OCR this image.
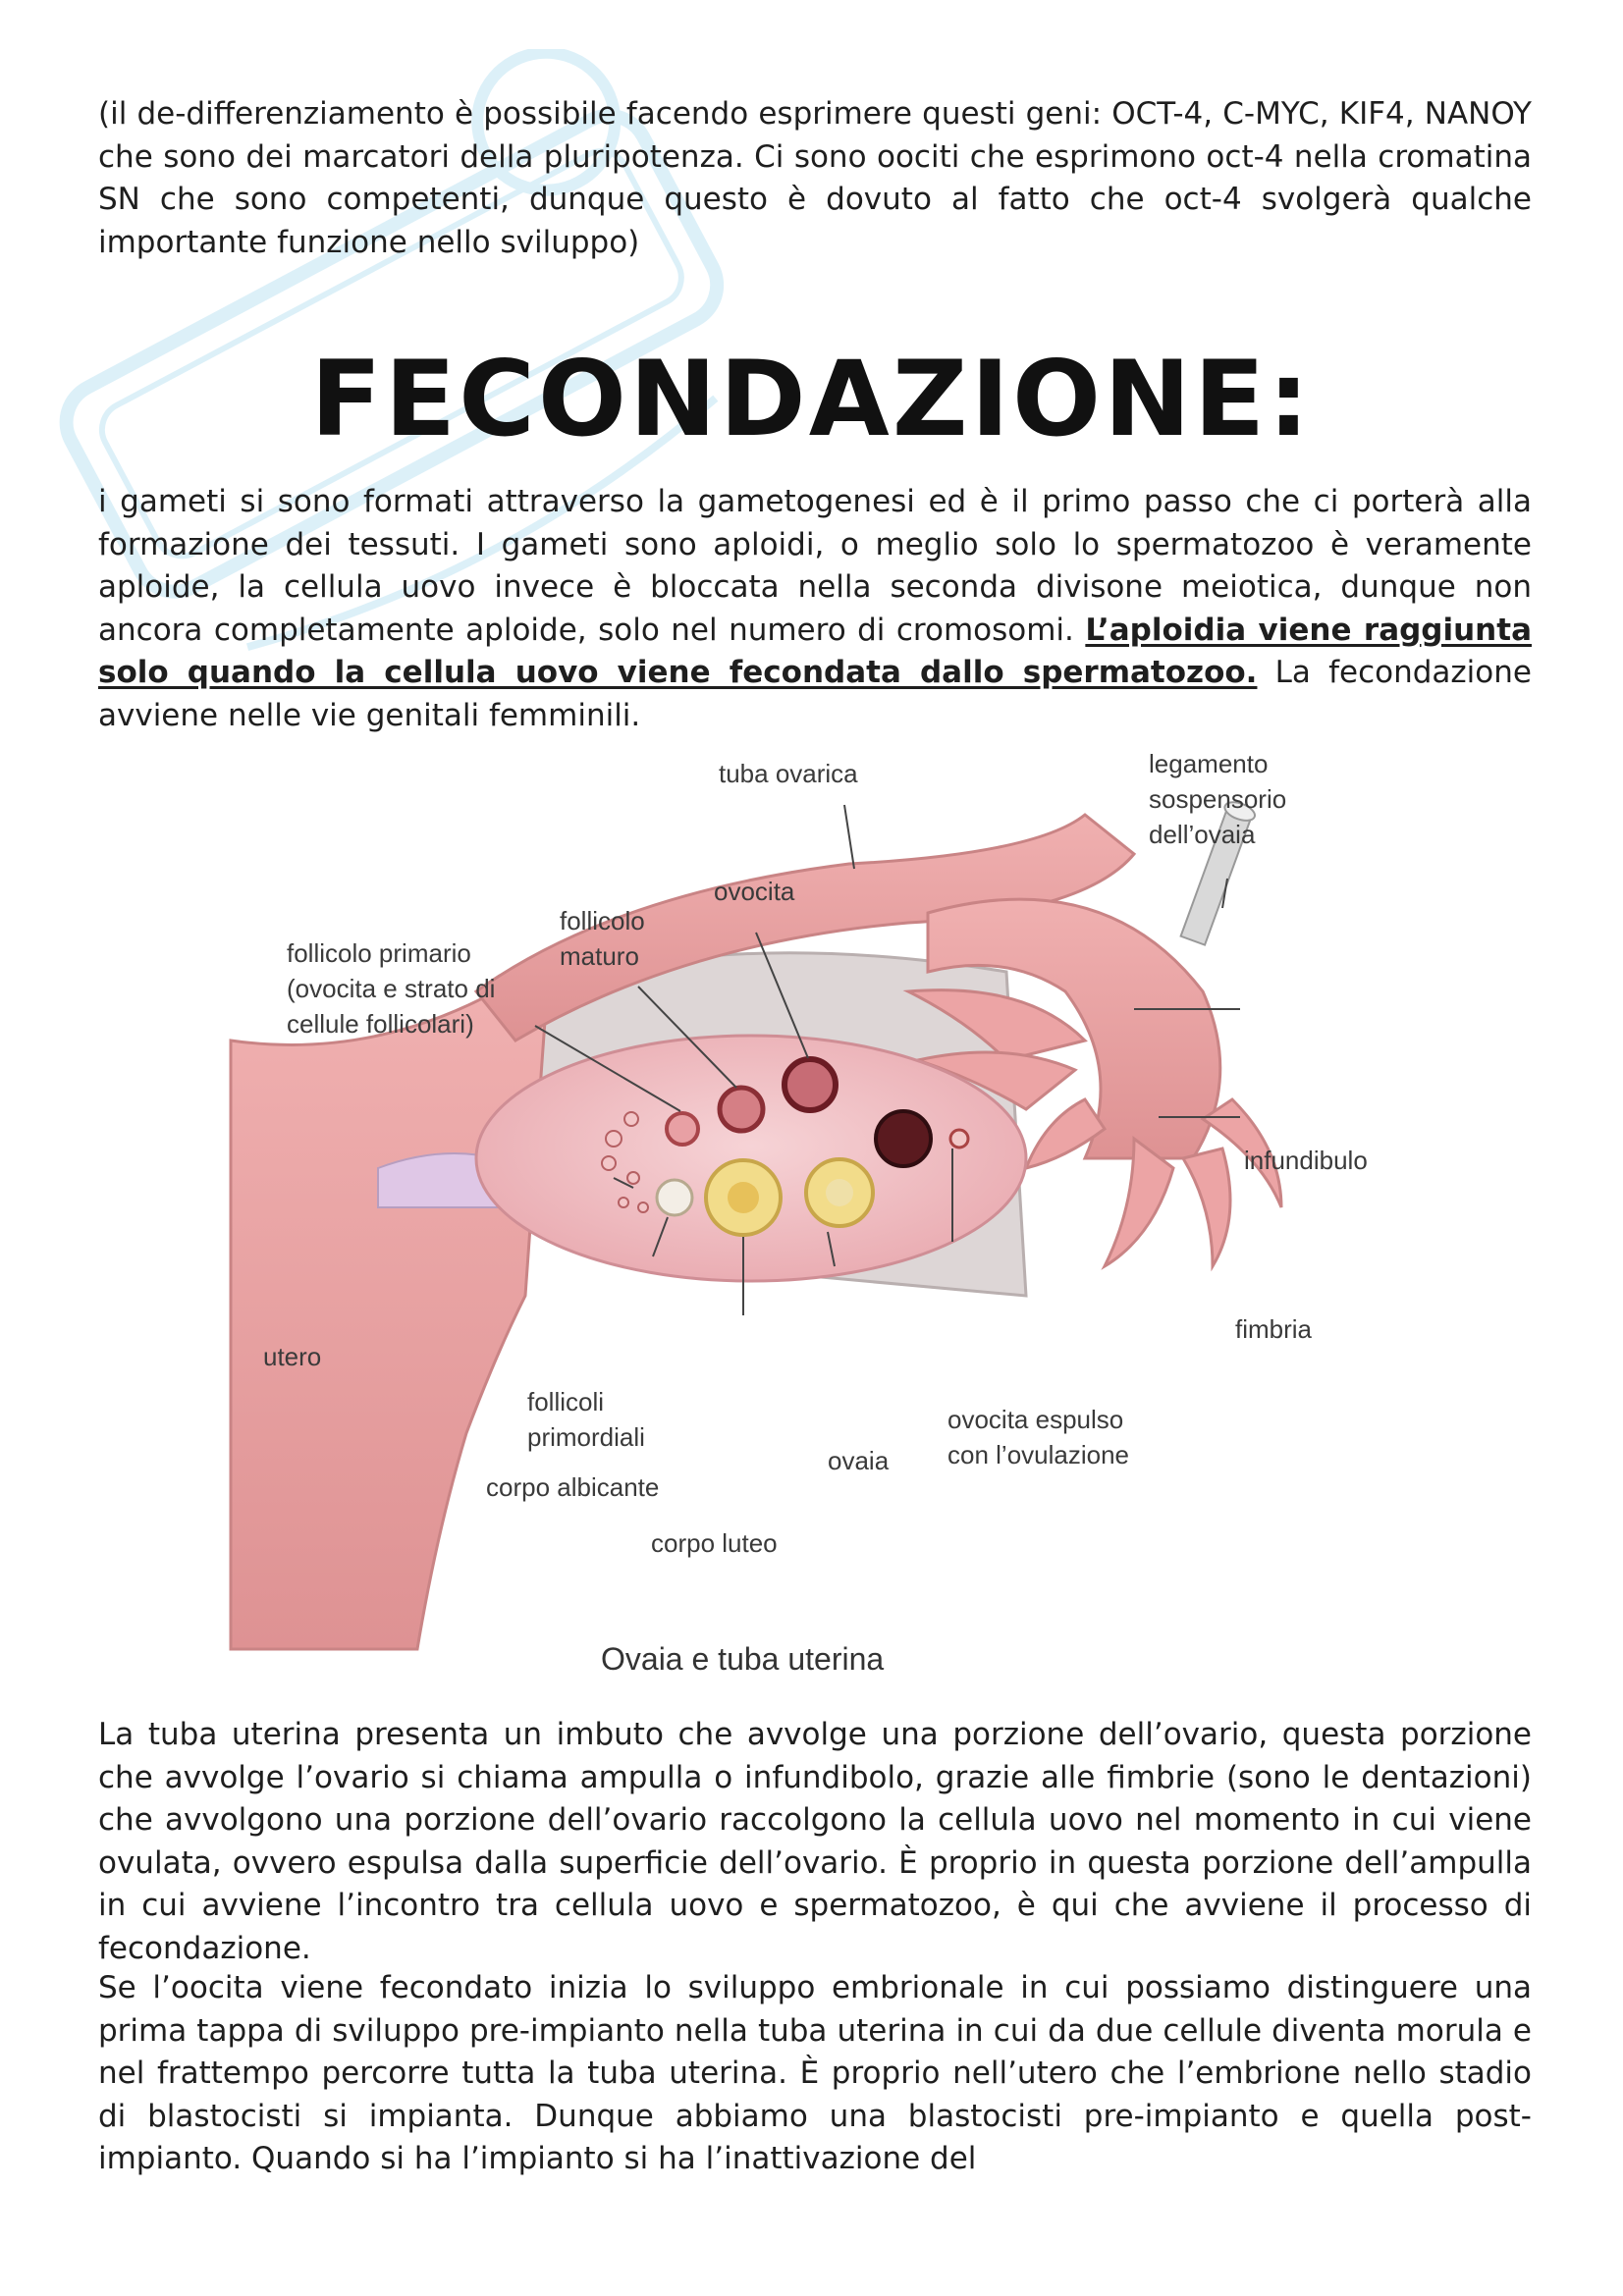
(il de-differenziamento è possibile facendo esprimere questi geni: OCT-4, C-MYC, KIF4, NANOY che sono dei marcatori della pluripotenza. Ci sono oociti che esprimono oct-4 nella cromatina SN che sono competenti, dunque questo è dovuto al fatto che oct-4 svolgerà qualche importante funzione nello sviluppo)

FECONDAZIONE:

i gameti si sono formati attraverso la gametogenesi ed è il primo passo che ci porterà alla formazione dei tessuti. I gameti sono aploidi, o meglio solo lo spermatozoo è veramente aploide, la cellula uovo invece è bloccata nella seconda divisone meiotica, dunque non ancora completamente aploide, solo nel numero di cromosomi. L’aploidia viene raggiunta solo quando la cellula uovo viene fecondata dallo spermatozoo. La fecondazione avviene nelle vie genitali femminili.

tuba ovarica	legamento
sospensorio
dell’ovaia
ovocita
follicolo
maturo
follicolo primario
(ovocita e strato di
cellule follicolari)
infundibulo
fimbria
utero
follicoli
primordiali
ovocita espulso
con l’ovulazione
ovaia
corpo albicante
corpo luteo
Ovaia e tuba uterina

La tuba uterina presenta un imbuto che avvolge una porzione dell’ovario, questa porzione che avvolge l’ovario si chiama ampulla o infundibolo, grazie alle fimbrie (sono le dentazioni) che avvolgono una porzione dell’ovario raccolgono la cellula uovo nel momento in cui viene ovulata, ovvero espulsa dalla superficie dell’ovario. È proprio in questa porzione dell’ampulla in cui avviene l’incontro tra cellula uovo e spermatozoo, è qui che avviene il processo di fecondazione.

Se l’oocita viene fecondato inizia lo sviluppo embrionale in cui possiamo distinguere una prima tappa di sviluppo pre-impianto nella tuba uterina in cui da due cellule diventa morula e nel frattempo percorre tutta la tuba uterina. È proprio nell’utero che l’embrione nello stadio di blastocisti si impianta. Dunque abbiamo una blastocisti pre-impianto e quella post-impianto. Quando si ha l’impianto si ha l’inattivazione del
